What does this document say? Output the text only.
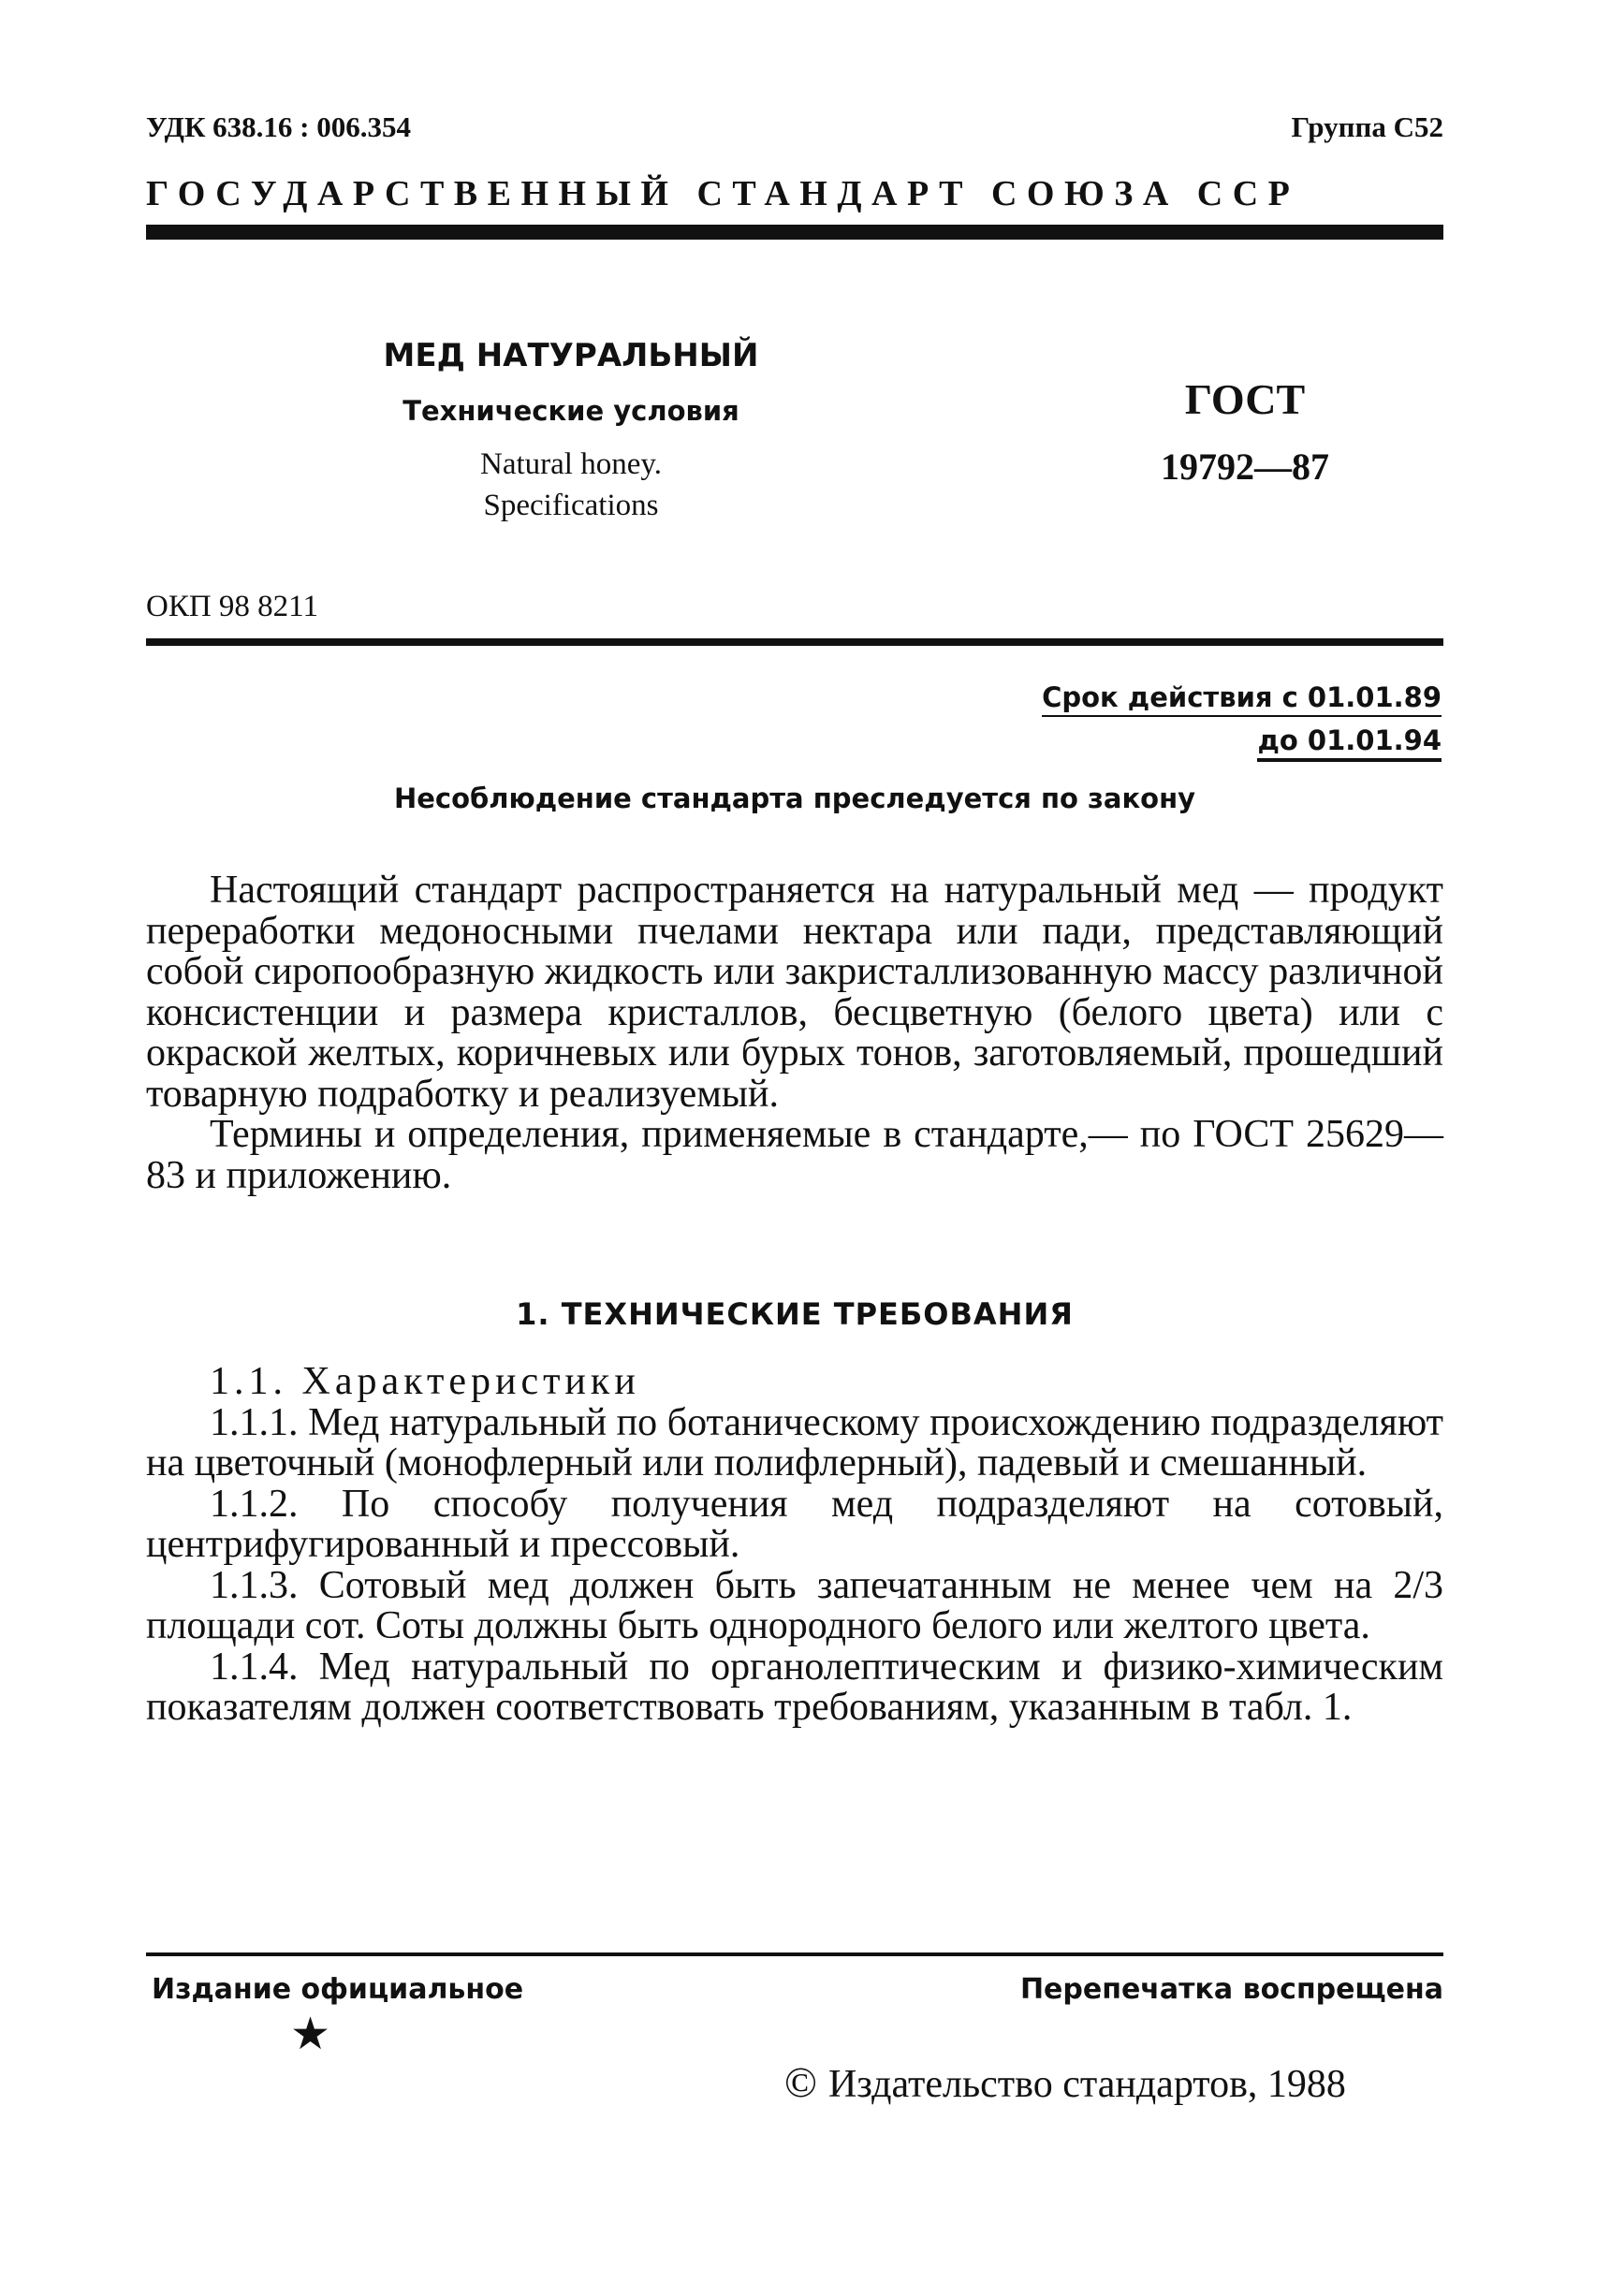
УДК 638.16 : 006.354	Группа С52
ГОСУДАРСТВЕННЫЙ СТАНДАРТ СОЮЗА ССР

МЕД НАТУРАЛЬНЫЙ

Технические условия

Natural honey.
Specifications

ГОСТ

19792—87

ОКП 98 8211
Срок действия с 01.01.89
до 01.01.94
Несоблюдение стандарта преследуется по закону

Настоящий стандарт распространяется на натуральный мед — продукт переработки медоносными пчелами нектара или пади, представляющий собой сиропообразную жидкость или закристаллизованную массу различной консистенции и размера кристаллов, бесцветную (белого цвета) или с окраской желтых, коричневых или бурых тонов, заготовляемый, прошедший товарную подработку и реализуемый.

Термины и определения, применяемые в стандарте,— по ГОСТ 25629—83 и приложению.

1. ТЕХНИЧЕСКИЕ ТРЕБОВАНИЯ

1.1. Характеристики

1.1.1. Мед натуральный по ботаническому происхождению подразделяют на цветочный (монофлерный или полифлерный), падевый и смешанный.

1.1.2. По способу получения мед подразделяют на сотовый, центрифугированный и прессовый.

1.1.3. Сотовый мед должен быть запечатанным не менее чем на 2/3 площади сот. Соты должны быть однородного белого или желтого цвета.

1.1.4. Мед натуральный по органолептическим и физико-химическим показателям должен соответствовать требованиям, указанным в табл. 1.

Издание официальное	Перепечатка воспрещена
★
© Издательство стандартов, 1988
